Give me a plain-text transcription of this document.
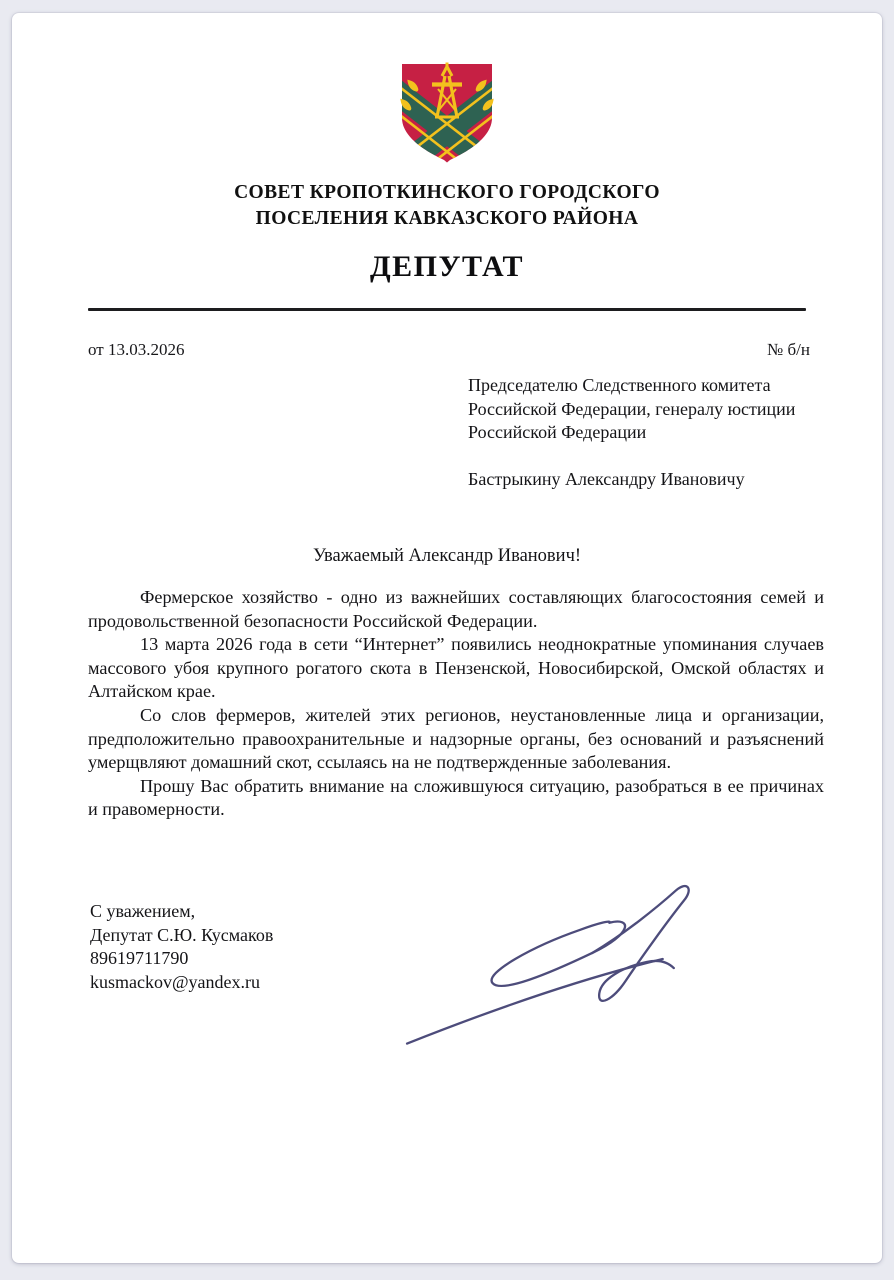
СОВЕТ КРОПОТКИНСКОГО ГОРОДСКОГО
ПОСЕЛЕНИЯ КАВКАЗСКОГО РАЙОНА
ДЕПУТАТ
от 13.03.2026	№ б/н
Председателю Следственного комитета
Российской Федерации, генералу юстиции
Российской Федерации
Бастрыкину Александру Ивановичу
Уважаемый Александр Иванович!

Фермерское хозяйство - одно из важнейших составляющих благосостояния семей и продовольственной безопасности Российской Федерации.

13 марта 2026 года в сети “Интернет” появились неоднократные упоминания случаев массового убоя крупного рогатого скота в Пензенской, Новосибирской, Омской областях и Алтайском крае.

Со слов фермеров, жителей этих регионов, неустановленные лица и организации, предположительно правоохранительные и надзорные органы, без оснований и разъяснений умерщвляют домашний скот, ссылаясь на не подтвержденные заболевания.

Прошу Вас обратить внимание на сложившуюся ситуацию, разобраться в ее причинах и правомерности.

С уважением,
Депутат С.Ю. Кусмаков
89619711790
kusmackov@yandex.ru
